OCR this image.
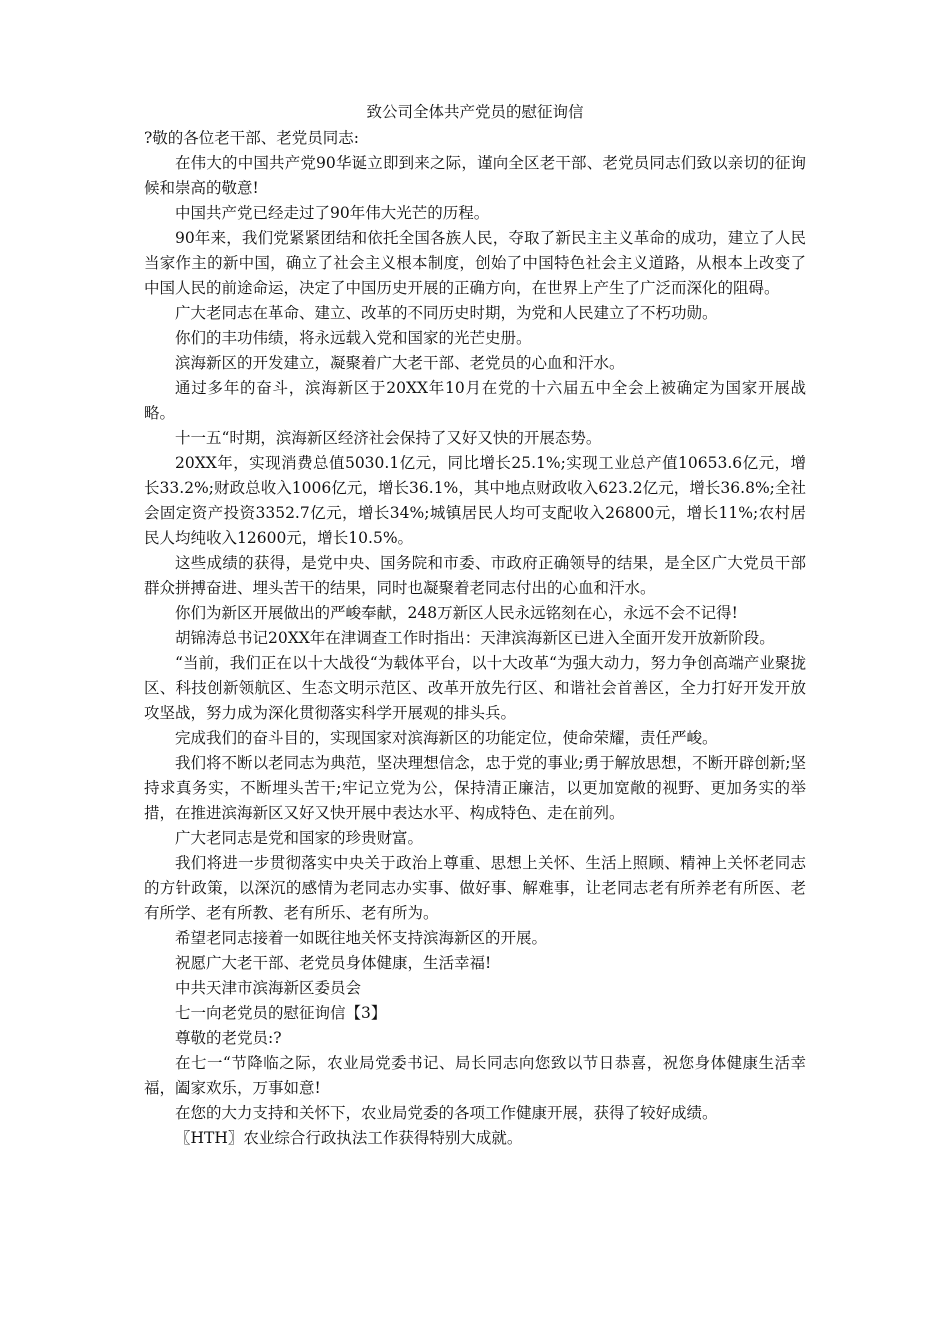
致公司全体共产党员的慰征询信

?敬的各位老干部、老党员同志:

在伟大的中国共产党90华诞立即到来之际，谨向全区老干部、老党员同志们致以亲切的征询候和崇高的敬意!

中国共产党已经走过了90年伟大光芒的历程。

90年来，我们党紧紧团结和依托全国各族人民，夺取了新民主主义革命的成功，建立了人民当家作主的新中国，确立了社会主义根本制度，创始了中国特色社会主义道路，从根本上改变了中国人民的前途命运，决定了中国历史开展的正确方向，在世界上产生了广泛而深化的阻碍。

广大老同志在革命、建立、改革的不同历史时期，为党和人民建立了不朽功勋。

你们的丰功伟绩，将永远载入党和国家的光芒史册。

滨海新区的开发建立，凝聚着广大老干部、老党员的心血和汗水。

通过多年的奋斗，滨海新区于20XX年10月在党的十六届五中全会上被确定为国家开展战略。

十一五“时期，滨海新区经济社会保持了又好又快的开展态势。

20XX年，实现消费总值5030.1亿元，同比增长25.1%;实现工业总产值10653.6亿元，增长33.2%;财政总收入1006亿元，增长36.1%，其中地点财政收入623.2亿元，增长36.8%;全社会固定资产投资3352.7亿元，增长34%;城镇居民人均可支配收入26800元，增长11%;农村居民人均纯收入12600元，增长10.5%。

这些成绩的获得，是党中央、国务院和市委、市政府正确领导的结果，是全区广大党员干部群众拼搏奋进、埋头苦干的结果，同时也凝聚着老同志付出的心血和汗水。

你们为新区开展做出的严峻奉献，248万新区人民永远铭刻在心，永远不会不记得!

胡锦涛总书记20XX年在津调查工作时指出：天津滨海新区已进入全面开发开放新阶段。

“当前，我们正在以十大战役“为载体平台，以十大改革“为强大动力，努力争创高端产业聚拢区、科技创新领航区、生态文明示范区、改革开放先行区、和谐社会首善区，全力打好开发开放攻坚战，努力成为深化贯彻落实科学开展观的排头兵。

完成我们的奋斗目的，实现国家对滨海新区的功能定位，使命荣耀，责任严峻。

我们将不断以老同志为典范，坚决理想信念，忠于党的事业;勇于解放思想，不断开辟创新;坚持求真务实，不断埋头苦干;牢记立党为公，保持清正廉洁，以更加宽敞的视野、更加务实的举措，在推进滨海新区又好又快开展中表达水平、构成特色、走在前列。

广大老同志是党和国家的珍贵财富。

我们将进一步贯彻落实中央关于政治上尊重、思想上关怀、生活上照顾、精神上关怀老同志的方针政策，以深沉的感情为老同志办实事、做好事、解难事，让老同志老有所养老有所医、老有所学、老有所教、老有所乐、老有所为。

希望老同志接着一如既往地关怀支持滨海新区的开展。

祝愿广大老干部、老党员身体健康，生活幸福!

中共天津市滨海新区委员会

七一向老党员的慰征询信【3】

尊敬的老党员:?

在七一“节降临之际，农业局党委书记、局长同志向您致以节日恭喜，祝您身体健康生活幸福，阖家欢乐，万事如意!

在您的大力支持和关怀下，农业局党委的各项工作健康开展，获得了较好成绩。

〖HTH〗农业综合行政执法工作获得特别大成就。
